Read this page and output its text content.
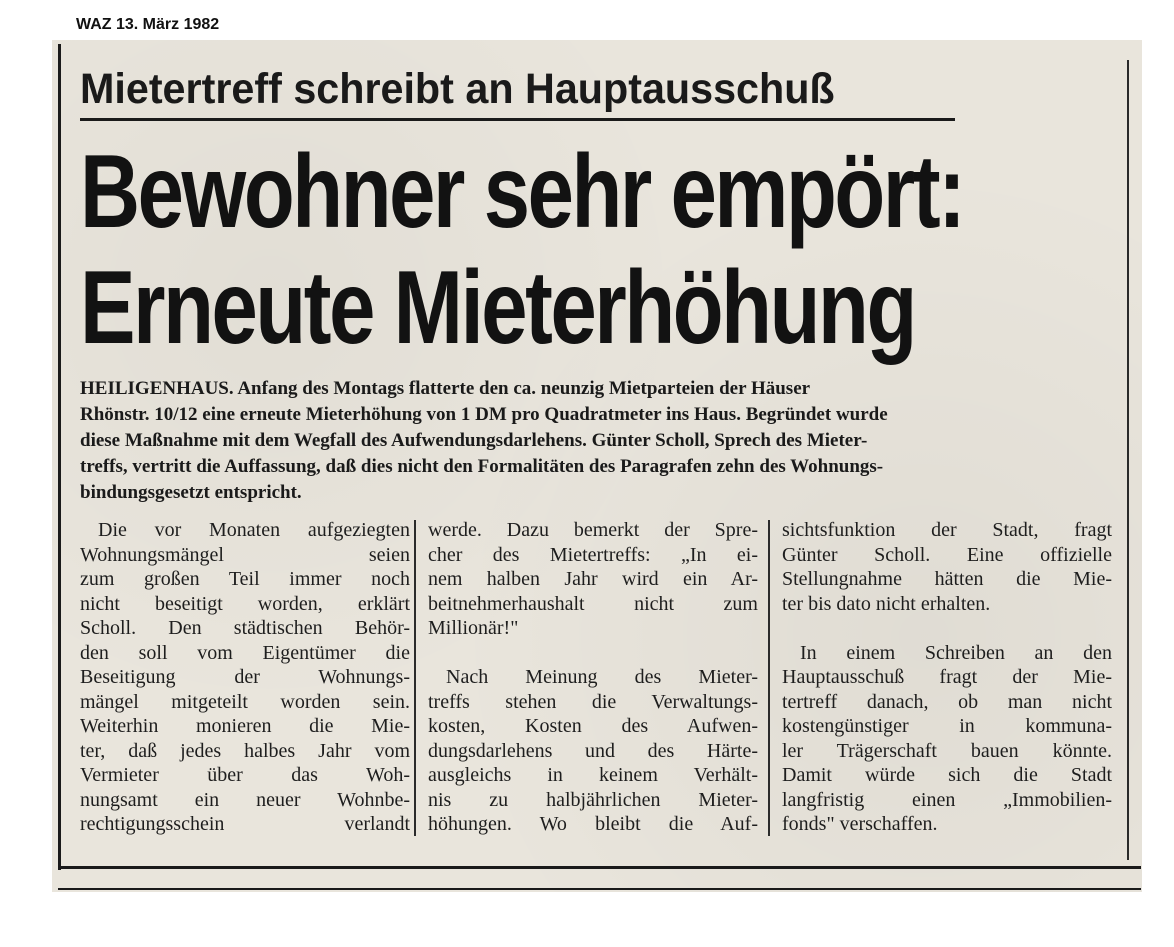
WAZ 13. März 1982
Mietertreff schreibt an Hauptausschuß
Bewohner sehr empört:
Erneute Mieterhöhung
HEILIGENHAUS. Anfang des Montags flatterte den ca. neunzig Mietparteien der Häuser
Rhönstr. 10/12 eine erneute Mieterhöhung von 1 DM pro Quadratmeter ins Haus. Begründet wurde
diese Maßnahme mit dem Wegfall des Aufwendungsdarlehens. Günter Scholl, Sprech des Mieter-
treffs, vertritt die Auffassung, daß dies nicht den Formalitäten des Paragrafen zehn des Wohnungs-
bindungsgesetzt entspricht.
Die vor Monaten aufgeziegten
Wohnungsmängel seien
zum großen Teil immer noch
nicht beseitigt worden, erklärt
Scholl. Den städtischen Behör-
den soll vom Eigentümer die
Beseitigung der Wohnungs-
mängel mitgeteilt worden sein.
Weiterhin monieren die Mie-
ter, daß jedes halbes Jahr vom
Vermieter über das Woh-
nungsamt ein neuer Wohnbe-
rechtigungsschein verlandt
werde. Dazu bemerkt der Spre-
cher des Mietertreffs: „In ei-
nem halben Jahr wird ein Ar-
beitnehmerhaushalt nicht zum
Millionär!"
Nach Meinung des Mieter-
treffs stehen die Verwaltungs-
kosten, Kosten des Aufwen-
dungsdarlehens und des Härte-
ausgleichs in keinem Verhält-
nis zu halbjährlichen Mieter-
höhungen. Wo bleibt die Auf-
sichtsfunktion der Stadt, fragt
Günter Scholl. Eine offizielle
Stellungnahme hätten die Mie-
ter bis dato nicht erhalten.
In einem Schreiben an den
Hauptausschuß fragt der Mie-
tertreff danach, ob man nicht
kostengünstiger in kommuna-
ler Trägerschaft bauen könnte.
Damit würde sich die Stadt
langfristig einen „Immobilien-
fonds" verschaffen.
